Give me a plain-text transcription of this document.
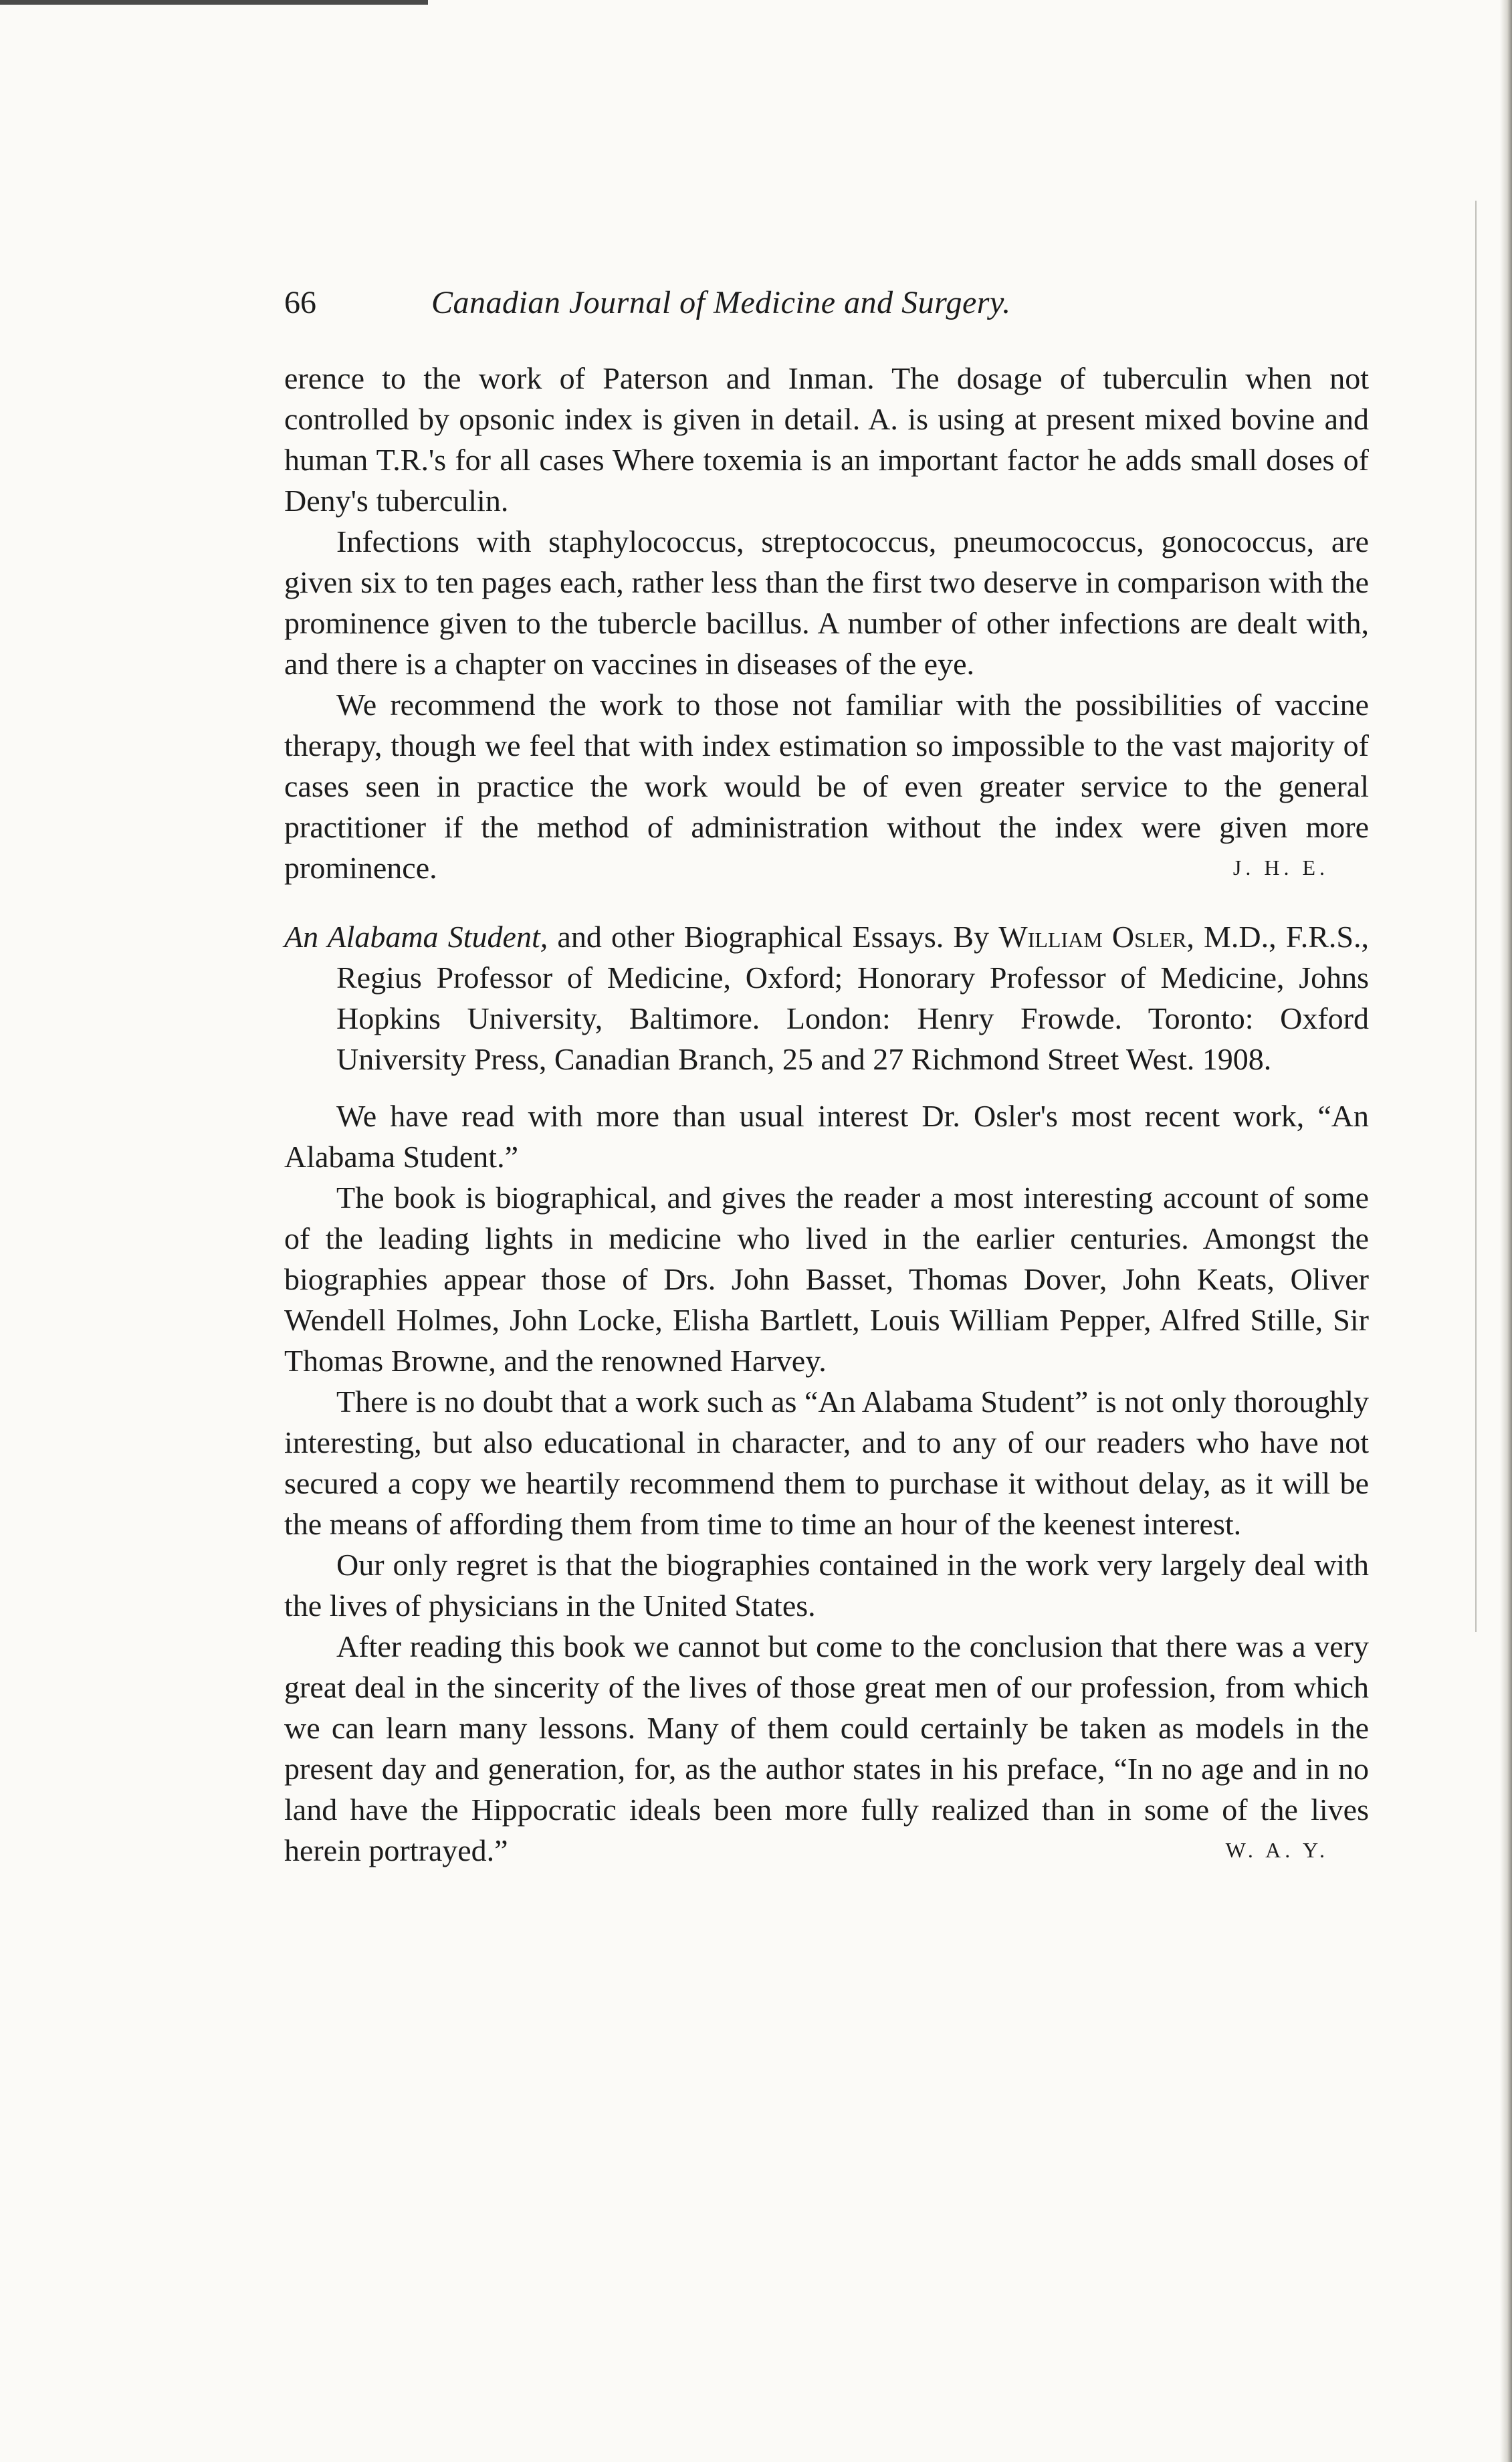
66	Canadian Journal of Medicine and Surgery.

erence to the work of Paterson and Inman. The dosage of tuberculin when not controlled by opsonic index is given in detail. A. is using at present mixed bovine and human T.R.'s for all cases Where toxemia is an important factor he adds small doses of Deny's tuberculin.

Infections with staphylococcus, streptococcus, pneumococcus, gonococcus, are given six to ten pages each, rather less than the first two deserve in comparison with the prominence given to the tubercle bacillus. A number of other infections are dealt with, and there is a chapter on vaccines in diseases of the eye.

We recommend the work to those not familiar with the possibilities of vaccine therapy, though we feel that with index estimation so impossible to the vast majority of cases seen in practice the work would be of even greater service to the general practitioner if the method of administration without the index were given more prominence.	J. H. E.

An Alabama Student, and other Biographical Essays. By William Osler, M.D., F.R.S., Regius Professor of Medicine, Oxford; Honorary Professor of Medicine, Johns Hopkins University, Baltimore. London: Henry Frowde. Toronto: Oxford University Press, Canadian Branch, 25 and 27 Richmond Street West. 1908.

We have read with more than usual interest Dr. Osler's most recent work, “An Alabama Student.”

The book is biographical, and gives the reader a most interesting account of some of the leading lights in medicine who lived in the earlier centuries. Amongst the biographies appear those of Drs. John Basset, Thomas Dover, John Keats, Oliver Wendell Holmes, John Locke, Elisha Bartlett, Louis William Pepper, Alfred Stille, Sir Thomas Browne, and the renowned Harvey.

There is no doubt that a work such as “An Alabama Student” is not only thoroughly interesting, but also educational in character, and to any of our readers who have not secured a copy we heartily recommend them to purchase it without delay, as it will be the means of affording them from time to time an hour of the keenest interest.

Our only regret is that the biographies contained in the work very largely deal with the lives of physicians in the United States.

After reading this book we cannot but come to the conclusion that there was a very great deal in the sincerity of the lives of those great men of our profession, from which we can learn many lessons. Many of them could certainly be taken as models in the present day and generation, for, as the author states in his preface, “In no age and in no land have the Hippocratic ideals been more fully realized than in some of the lives herein portrayed.”	W. A. Y.
